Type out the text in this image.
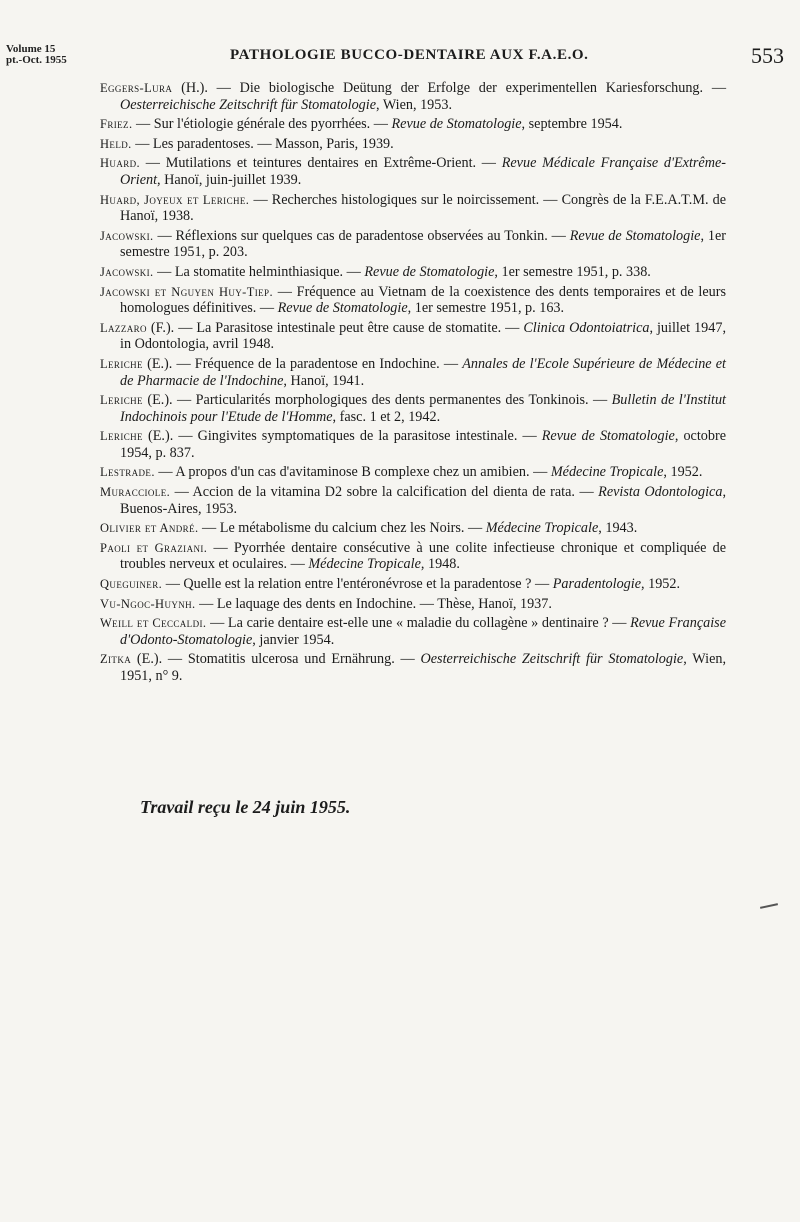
Volume 15
pt.-Oct. 1955	PATHOLOGIE BUCCO-DENTAIRE AUX F.A.E.O.	553

Eggers-Lura (H.). — Die biologische Deütung der Erfolge der experimentellen Kariesforschung. — Oesterreichische Zeitschrift für Stomatologie, Wien, 1953.

Friez. — Sur l'étiologie générale des pyorrhées. — Revue de Stomatologie, septembre 1954.

Held. — Les paradentoses. — Masson, Paris, 1939.

Huard. — Mutilations et teintures dentaires en Extrême-Orient. — Revue Médicale Française d'Extrême-Orient, Hanoï, juin-juillet 1939.

Huard, Joyeux et Leriche. — Recherches histologiques sur le noircissement. — Congrès de la F.E.A.T.M. de Hanoï, 1938.

Jacowski. — Réflexions sur quelques cas de paradentose observées au Tonkin. — Revue de Stomatologie, 1er semestre 1951, p. 203.

Jacowski. — La stomatite helminthiasique. — Revue de Stomatologie, 1er semestre 1951, p. 338.

Jacowski et Nguyen Huy-Tiep. — Fréquence au Vietnam de la coexistence des dents temporaires et de leurs homologues définitives. — Revue de Stomatologie, 1er semestre 1951, p. 163.

Lazzaro (F.). — La Parasitose intestinale peut être cause de stomatite. — Clinica Odontoiatrica, juillet 1947, in Odontologia, avril 1948.

Leriche (E.). — Fréquence de la paradentose en Indochine. — Annales de l'Ecole Supérieure de Médecine et de Pharmacie de l'Indochine, Hanoï, 1941.

Leriche (E.). — Particularités morphologiques des dents permanentes des Tonkinois. — Bulletin de l'Institut Indochinois pour l'Etude de l'Homme, fasc. 1 et 2, 1942.

Leriche (E.). — Gingivites symptomatiques de la parasitose intestinale. — Revue de Stomatologie, octobre 1954, p. 837.

Lestrade. — A propos d'un cas d'avitaminose B complexe chez un amibien. — Médecine Tropicale, 1952.

Muracciole. — Accion de la vitamina D2 sobre la calcification del dienta de rata. — Revista Odontologica, Buenos-Aires, 1953.

Olivier et André. — Le métabolisme du calcium chez les Noirs. — Médecine Tropicale, 1943.

Paoli et Graziani. — Pyorrhée dentaire consécutive à une colite infectieuse chronique et compliquée de troubles nerveux et oculaires. — Médecine Tropicale, 1948.

Queguiner. — Quelle est la relation entre l'entéronévrose et la paradentose ? — Paradentologie, 1952.

Vu-Ngoc-Huynh. — Le laquage des dents en Indochine. — Thèse, Hanoï, 1937.

Weill et Ceccaldi. — La carie dentaire est-elle une « maladie du collagène » dentinaire ? — Revue Française d'Odonto-Stomatologie, janvier 1954.

Zitka (E.). — Stomatitis ulcerosa und Ernährung. — Oesterreichische Zeitschrift für Stomatologie, Wien, 1951, n° 9.

Travail reçu le 24 juin 1955.
